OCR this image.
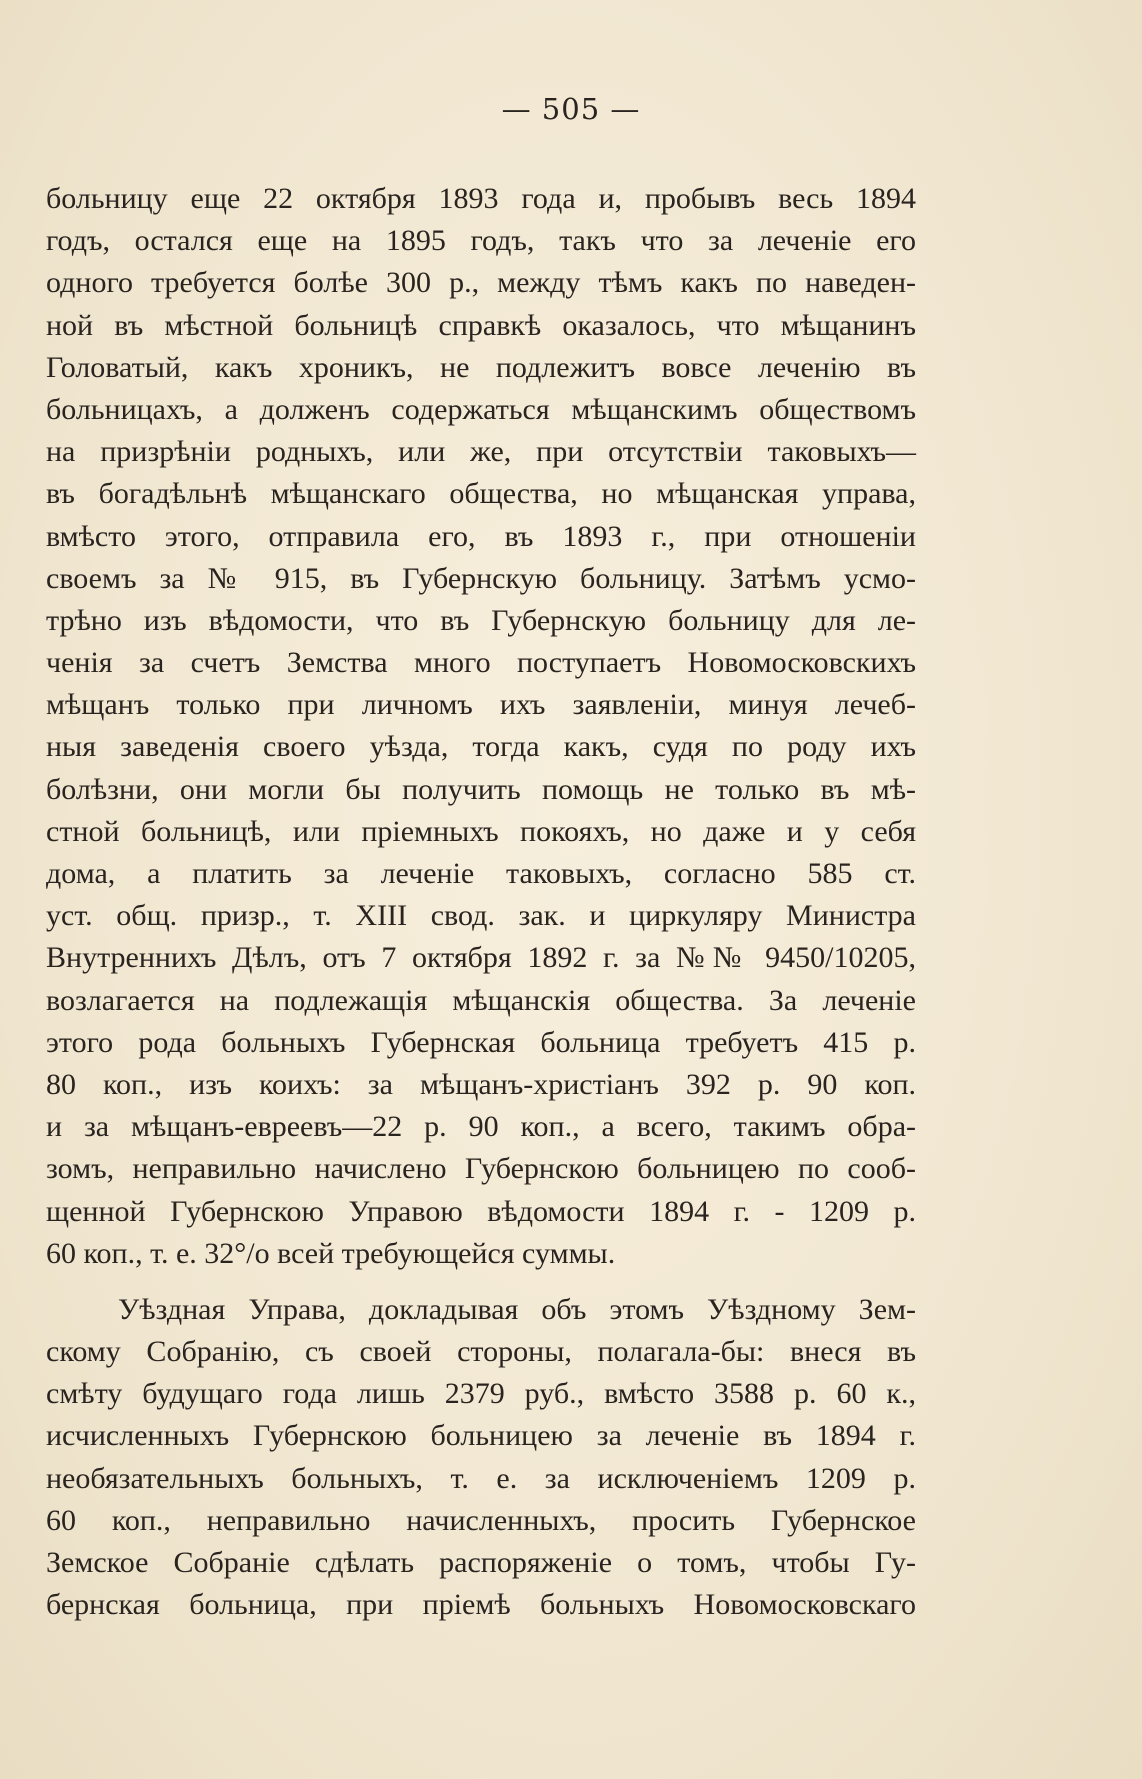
— 505 —
больницу еще 22 октября 1893 года и, пробывъ весь 1894
годъ, остался еще на 1895 годъ, такъ что за леченіе его
одного требуется болѣе 300 р., между тѣмъ какъ по наведен-
ной въ мѣстной больницѣ справкѣ оказалось, что мѣщанинъ
Головатый, какъ хроникъ, не подлежитъ вовсе леченію въ
больницахъ, а долженъ содержаться мѣщанскимъ обществомъ
на призрѣніи родныхъ, или же, при отсутствіи таковыхъ—
въ богадѣльнѣ мѣщанскаго общества, но мѣщанская управа,
вмѣсто этого, отправила его, въ 1893 г., при отношеніи
своемъ за № 915, въ Губернскую больницу. Затѣмъ усмо-
трѣно изъ вѣдомости, что въ Губернскую больницу для ле-
ченія за счетъ Земства много поступаетъ Новомосковскихъ
мѣщанъ только при личномъ ихъ заявленіи, минуя лечеб-
ныя заведенія своего уѣзда, тогда какъ, судя по роду ихъ
болѣзни, они могли бы получить помощь не только въ мѣ-
стной больницѣ, или пріемныхъ покояхъ, но даже и у себя
дома, а платить за леченіе таковыхъ, согласно 585 ст.
уст. общ. призр., т. XIII свод. зак. и циркуляру Министра
Внутреннихъ Дѣлъ, отъ 7 октября 1892 г. за №№ 9450/10205,
возлагается на подлежащія мѣщанскія общества. За леченіе
этого рода больныхъ Губернская больница требуетъ 415 р.
80 коп., изъ коихъ: за мѣщанъ-христіанъ 392 р. 90 коп.
и за мѣщанъ-евреевъ—22 р. 90 коп., а всего, такимъ обра-
зомъ, неправильно начислено Губернскою больницею по сооб-
щенной Губернскою Управою вѣдомости 1894 г. - 1209 р.
60 коп., т. е. 32°/о всей требующейся суммы.
Уѣздная Управа, докладывая объ этомъ Уѣздному Зем-
скому Собранію, съ своей стороны, полагала-бы: внеся въ
смѣту будущаго года лишь 2379 руб., вмѣсто 3588 р. 60 к.,
исчисленныхъ Губернскою больницею за леченіе въ 1894 г.
необязательныхъ больныхъ, т. е. за исключеніемъ 1209 р.
60 коп., неправильно начисленныхъ, просить Губернское
Земское Собраніе сдѣлать распоряженіе о томъ, чтобы Гу-
бернская больница, при пріемѣ больныхъ Новомосковскаго
